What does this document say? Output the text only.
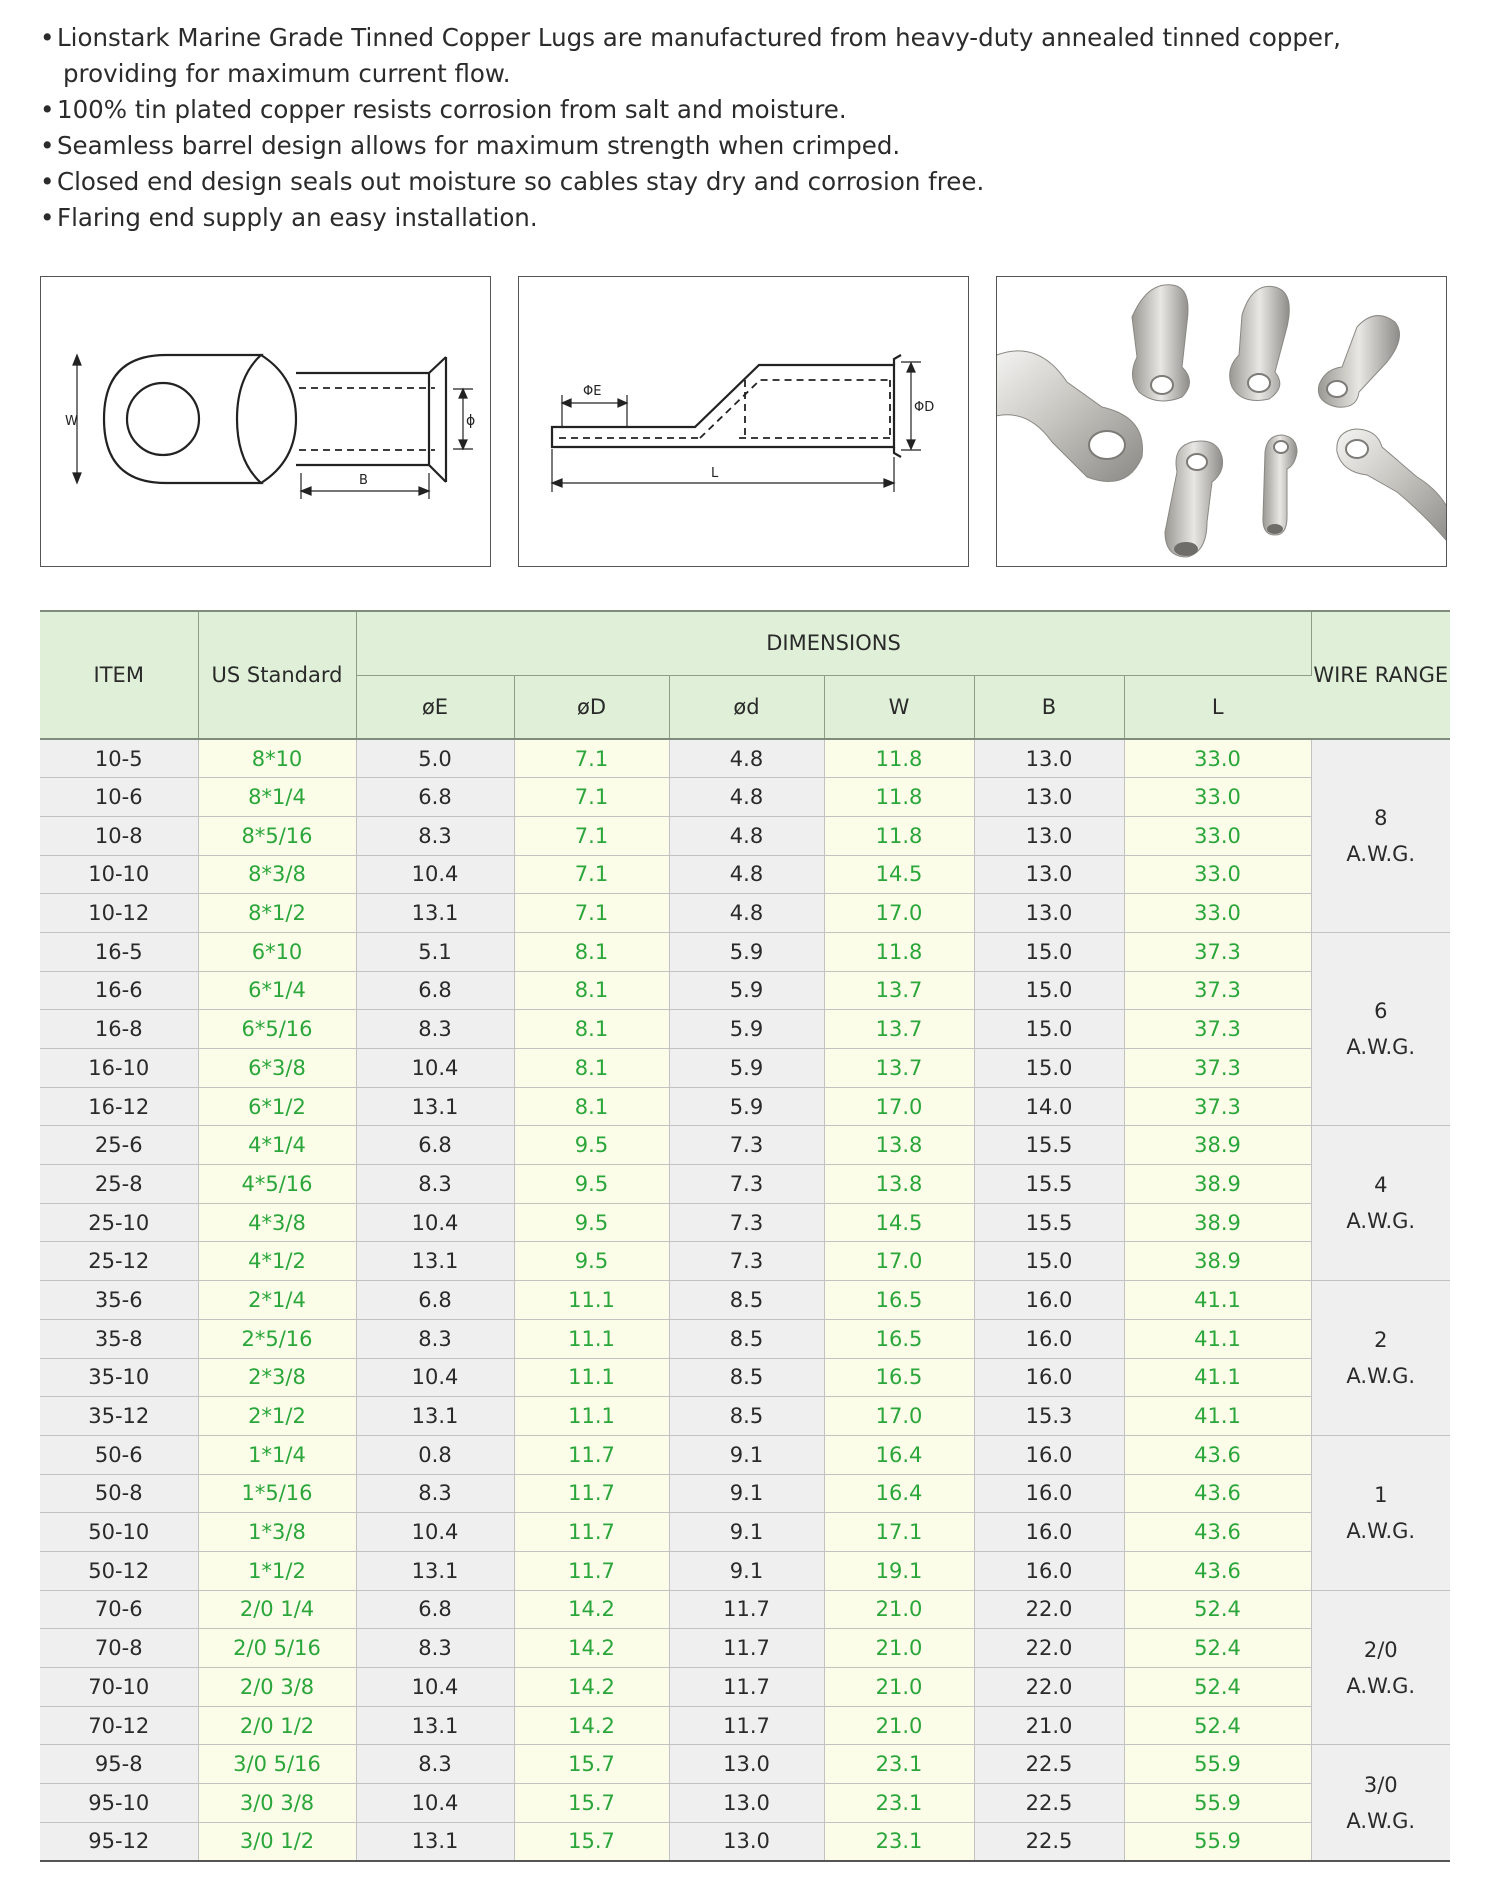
• Lionstark Marine Grade Tinned Copper Lugs are manufactured from heavy-duty annealed tinned copper,
providing for maximum current flow.
• 100% tin plated copper resists corrosion from salt and moisture.
• Seamless barrel design allows for maximum strength when crimped.
• Closed end design seals out moisture so cables stay dry and corrosion free.
• Flaring end supply an easy installation.
W
B
ϕ
ΦE
ΦD
L
ITEM	US Standard	DIMENSIONS						WIRE RANGE
		øE	øD	ød	W	B	L	
10-5	8*10	5.0	7.1	4.8	11.8	13.0	33.0	8
A.W.G.

10-6	8*1/4	6.8	7.1	4.8	11.8	13.0	33.0	
10-8	8*5/16	8.3	7.1	4.8	11.8	13.0	33.0	
10-10	8*3/8	10.4	7.1	4.8	14.5	13.0	33.0	
10-12	8*1/2	13.1	7.1	4.8	17.0	13.0	33.0	
16-5	6*10	5.1	8.1	5.9	11.8	15.0	37.3	6
A.W.G.

16-6	6*1/4	6.8	8.1	5.9	13.7	15.0	37.3	
16-8	6*5/16	8.3	8.1	5.9	13.7	15.0	37.3	
16-10	6*3/8	10.4	8.1	5.9	13.7	15.0	37.3	
16-12	6*1/2	13.1	8.1	5.9	17.0	14.0	37.3	
25-6	4*1/4	6.8	9.5	7.3	13.8	15.5	38.9	4
A.W.G.

25-8	4*5/16	8.3	9.5	7.3	13.8	15.5	38.9	
25-10	4*3/8	10.4	9.5	7.3	14.5	15.5	38.9	
25-12	4*1/2	13.1	9.5	7.3	17.0	15.0	38.9	
35-6	2*1/4	6.8	11.1	8.5	16.5	16.0	41.1	2
A.W.G.

35-8	2*5/16	8.3	11.1	8.5	16.5	16.0	41.1	
35-10	2*3/8	10.4	11.1	8.5	16.5	16.0	41.1	
35-12	2*1/2	13.1	11.1	8.5	17.0	15.3	41.1	
50-6	1*1/4	0.8	11.7	9.1	16.4	16.0	43.6	1
A.W.G.

50-8	1*5/16	8.3	11.7	9.1	16.4	16.0	43.6	
50-10	1*3/8	10.4	11.7	9.1	17.1	16.0	43.6	
50-12	1*1/2	13.1	11.7	9.1	19.1	16.0	43.6	
70-6	2/0 1/4	6.8	14.2	11.7	21.0	22.0	52.4	2/0
A.W.G.

70-8	2/0 5/16	8.3	14.2	11.7	21.0	22.0	52.4	
70-10	2/0 3/8	10.4	14.2	11.7	21.0	22.0	52.4	
70-12	2/0 1/2	13.1	14.2	11.7	21.0	21.0	52.4	
95-8	3/0 5/16	8.3	15.7	13.0	23.1	22.5	55.9	3/0
A.W.G.

95-10	3/0 3/8	10.4	15.7	13.0	23.1	22.5	55.9	
95-12	3/0 1/2	13.1	15.7	13.0	23.1	22.5	55.9	
